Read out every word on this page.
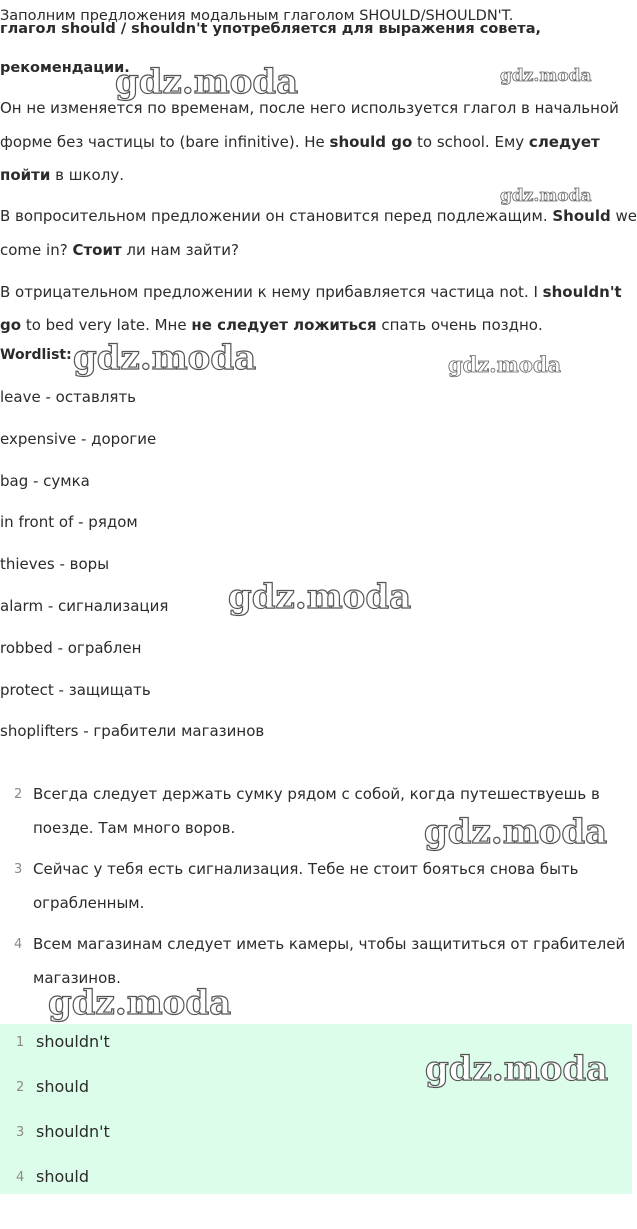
Заполним предложения модальным глаголом SHOULD/SHOULDN'T.
глагол should / shouldn't употребляется для выражения совета,
рекомендации.
Он не изменяется по временам, после него используется глагол в начальной
форме без частицы to (bare infinitive). He should go to school. Ему следует
пойти в школу.
В вопросительном предложении он становится перед подлежащим. Should we
come in? Стоит ли нам зайти?
В отрицательном предложении к нему прибавляется частица not. I shouldn't
go to bed very late. Мне не следует ложиться спать очень поздно.
Wordlist:
leave - оставлять
expensive - дорогие
bag - сумка
in front of - рядом
thieves - воры
alarm - сигнализация
robbed - ограблен
protect - защищать
shoplifters - грабители магазинов
2 Всегда следует держать сумку рядом с собой, когда путешествуешь в
поезде. Там много воров.
3 Сейчас у тебя есть сигнализация. Тебе не стоит бояться снова быть
ограбленным.
4 Всем магазинам следует иметь камеры, чтобы защититься от грабителей
магазинов.
1 shouldn't
2 should
3 shouldn't
4 should
gdz.moda	gdz.moda
gdz.moda
gdz.moda	gdz.moda
gdz.moda
gdz.moda
gdz.moda
gdz.moda
